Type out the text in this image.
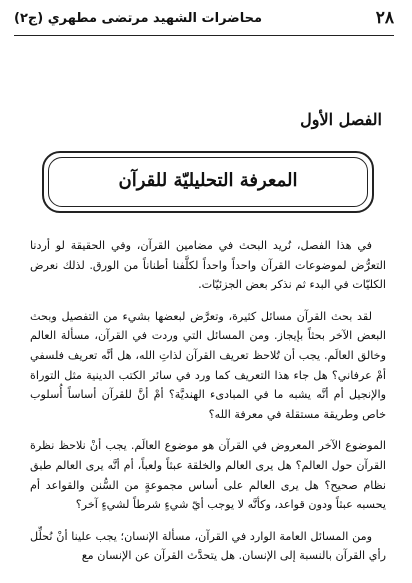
٢٨
محاضرات الشهيد مرتضى مطهري (ج٢)
الفصل الأول
المعرفة التحليليّة للقرآن

في هذا الفصل، نُريد البحث في مضامين القرآن، وفي الحقيقة لو أردنا التعرُّض لموضوعات القرآن واحداً واحداً لكلَّفنا أطناناً من الورق. لذلك نعرض الكليّات في البدء ثم نذكر بعض الجزئيّات.

لقد بحث القرآن مسائل كثيرة، وتعرَّض لبعضها بشيء من التفصيل وبحث البعض الآخر بحثاً بإيجاز. ومن المسائل التي وردت في القرآن، مسألة العالم وخالق العالَم. يجب أن تُلاحظ تعريف القرآن لذاتِ الله، هل أنَّه تعريف فلسفي أمْ عرفاني؟ هل جاء هذا التعريف كما ورد في سائر الكتب الدينية مثل التوراة والإنجيل أم أنَّه يشبه ما في المبادىء الهنديَّة؟ أمْ أنَّ للقرآن أساساً أُسلوب خاص وطريقة مستقلة في معرفة الله؟

الموضوع الآخر المعروض في القرآن هو موضوع العالَم. يجب أنْ نلاحظ نظرة القرآن حول العالم؟ هل يرى العالم والخلقة عبثاً ولعباً، أم أنَّه يرى العالم طبق نظام صحيح؟ هل يرى العالم على أساس مجموعةٍ من السُّنن والقواعد أم يحسبه عبثاً ودون قواعد، وكأنَّه لا يوجب أيّ شيءٍ شرطاً لشيءٍ آخر؟

ومن المسائل العامة الوارد في القرآن، مسألة الإنسان؛ يجب علينا أنْ نُحلِّل رأي القرآن بالنسبة إلى الإنسان. هل يتحدَّث القرآن عن الإنسان مع
